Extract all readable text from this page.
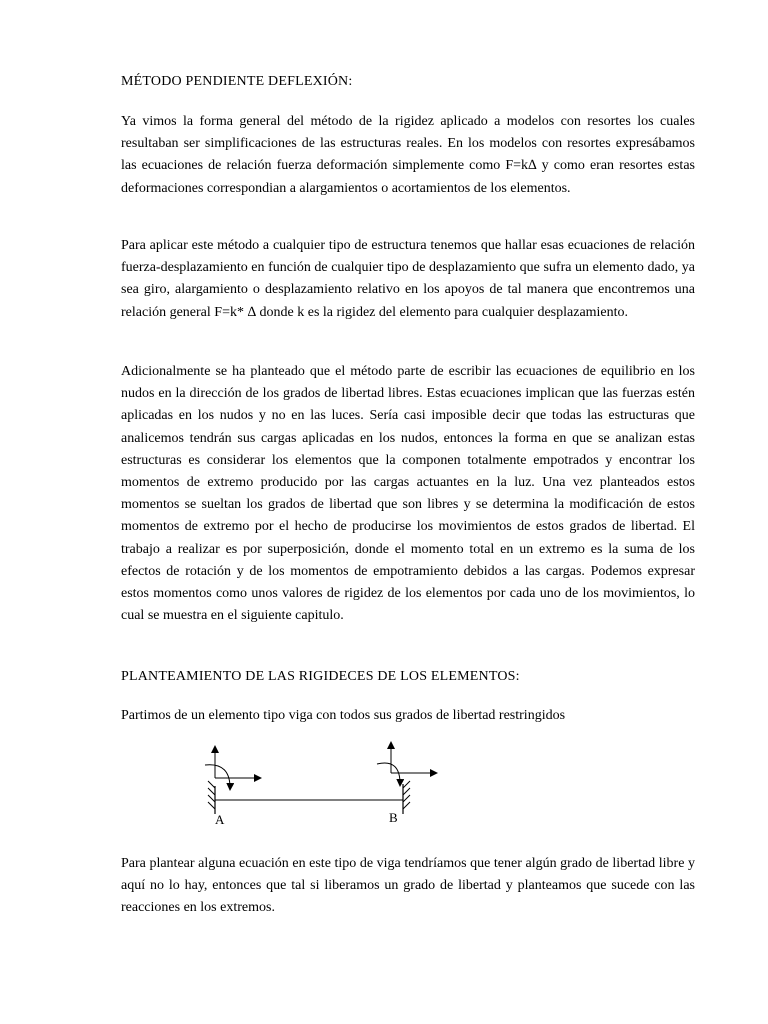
MÉTODO PENDIENTE DEFLEXIÓN:

Ya vimos la forma general del método de la rigidez aplicado a modelos con resortes los cuales resultaban ser simplificaciones de las estructuras reales. En los modelos con resortes expresábamos las ecuaciones de relación fuerza deformación simplemente como F=k∆ y como eran resortes estas deformaciones correspondian a alargamientos o acortamientos de los elementos.

Para aplicar este método a cualquier tipo de estructura tenemos que hallar esas ecuaciones de relación fuerza-desplazamiento en función de cualquier tipo de desplazamiento que sufra un elemento dado, ya sea giro, alargamiento o desplazamiento relativo en los apoyos de tal manera que encontremos una relación general F=k* ∆ donde k es la rigidez del elemento para cualquier desplazamiento.

Adicionalmente se ha planteado que el método parte de escribir las ecuaciones de equilibrio en los nudos en la dirección de los grados de libertad libres. Estas ecuaciones implican que las fuerzas estén aplicadas en los nudos y no en las luces. Sería casi imposible decir que todas las estructuras que analicemos tendrán sus cargas aplicadas en los nudos, entonces la forma en que se analizan estas estructuras es considerar los elementos que la componen totalmente empotrados y encontrar los momentos de extremo producido por las cargas actuantes en la luz. Una vez planteados estos momentos se sueltan los grados de libertad que son libres y se determina la modificación de estos momentos de extremo por el hecho de producirse los movimientos de estos grados de libertad. El trabajo a realizar es por superposición, donde el momento total en un extremo es la suma de los efectos de rotación y de los momentos de empotramiento debidos a las cargas. Podemos expresar estos momentos como unos valores de rigidez de los elementos por cada uno de los movimientos, lo cual se muestra en el siguiente capitulo.

PLANTEAMIENTO DE LAS RIGIDECES DE LOS ELEMENTOS:

Partimos de un elemento tipo viga con todos sus grados de libertad restringidos

A	B

Para plantear alguna ecuación en este tipo de viga tendríamos que tener algún grado de libertad libre y aquí no lo hay, entonces que tal si liberamos un grado de libertad y planteamos que sucede con las reacciones en los extremos.
